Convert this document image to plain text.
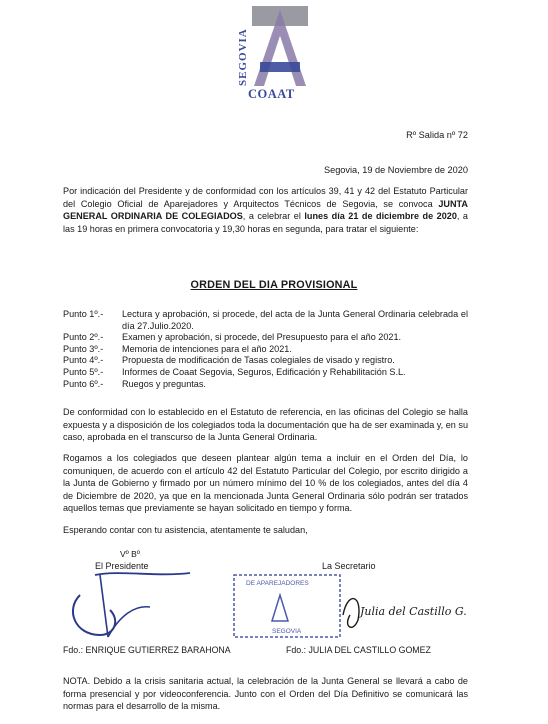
SEGOVIA
COAAT
Rº Salida nº 72
Segovia, 19 de Noviembre de 2020
Por indicación del Presidente y de conformidad con los artículos 39, 41 y 42 del Estatuto Particular del Colegio Oficial de Aparejadores y Arquitectos Técnicos de Segovia, se convoca JUNTA GENERAL ORDINARIA DE COLEGIADOS, a celebrar el lunes día 21 de diciembre de 2020, a las 19 horas en primera convocatoria y 19,30 horas en segunda, para tratar el siguiente:
ORDEN DEL DIA PROVISIONAL
Punto 1º.-	Lectura y aprobación, si procede, del acta de la Junta General Ordinaria celebrada el día 27.Julio.2020.
Punto 2º.-	Examen y aprobación, si procede, del Presupuesto para el año 2021.
Punto 3º.-	Memoria de intenciones para el año 2021.
Punto 4º.-	Propuesta de modificación de Tasas colegiales de visado y registro.
Punto 5º.-	Informes de Coaat Segovia, Seguros, Edificación y Rehabilitación S.L.
Punto 6º.-	Ruegos y preguntas.
De conformidad con lo establecido en el Estatuto de referencia, en las oficinas del Colegio se halla expuesta y a disposición de los colegiados toda la documentación que ha de ser examinada y, en su caso, aprobada en el transcurso de la Junta General Ordinaria.
Rogamos a los colegiados que deseen plantear algún tema a incluir en el Orden del Día, lo comuniquen, de acuerdo con el artículo 42 del Estatuto Particular del Colegio, por escrito dirigido a la Junta de Gobierno y firmado por un número mínimo del 10 % de los colegiados, antes del día 4 de Diciembre de 2020, ya que en la mencionada Junta General Ordinaria sólo podrán ser tratados aquellos temas que previamente se hayan solicitado en tiempo y forma.
Esperando contar con tu asistencia, atentamente te saludan,
Vº Bº
El Presidente	La Secretario
DE APAREJADORES
SEGOVIA
Julia del Castillo G.
Fdo.: ENRIQUE GUTIERREZ BARAHONA	Fdo.: JULIA DEL CASTILLO GOMEZ
NOTA. Debido a la crisis sanitaria actual, la celebración de la Junta General se llevará a cabo de forma presencial y por videoconferencia. Junto con el Orden del Día Definitivo se comunicará las normas para el desarrollo de la misma.
